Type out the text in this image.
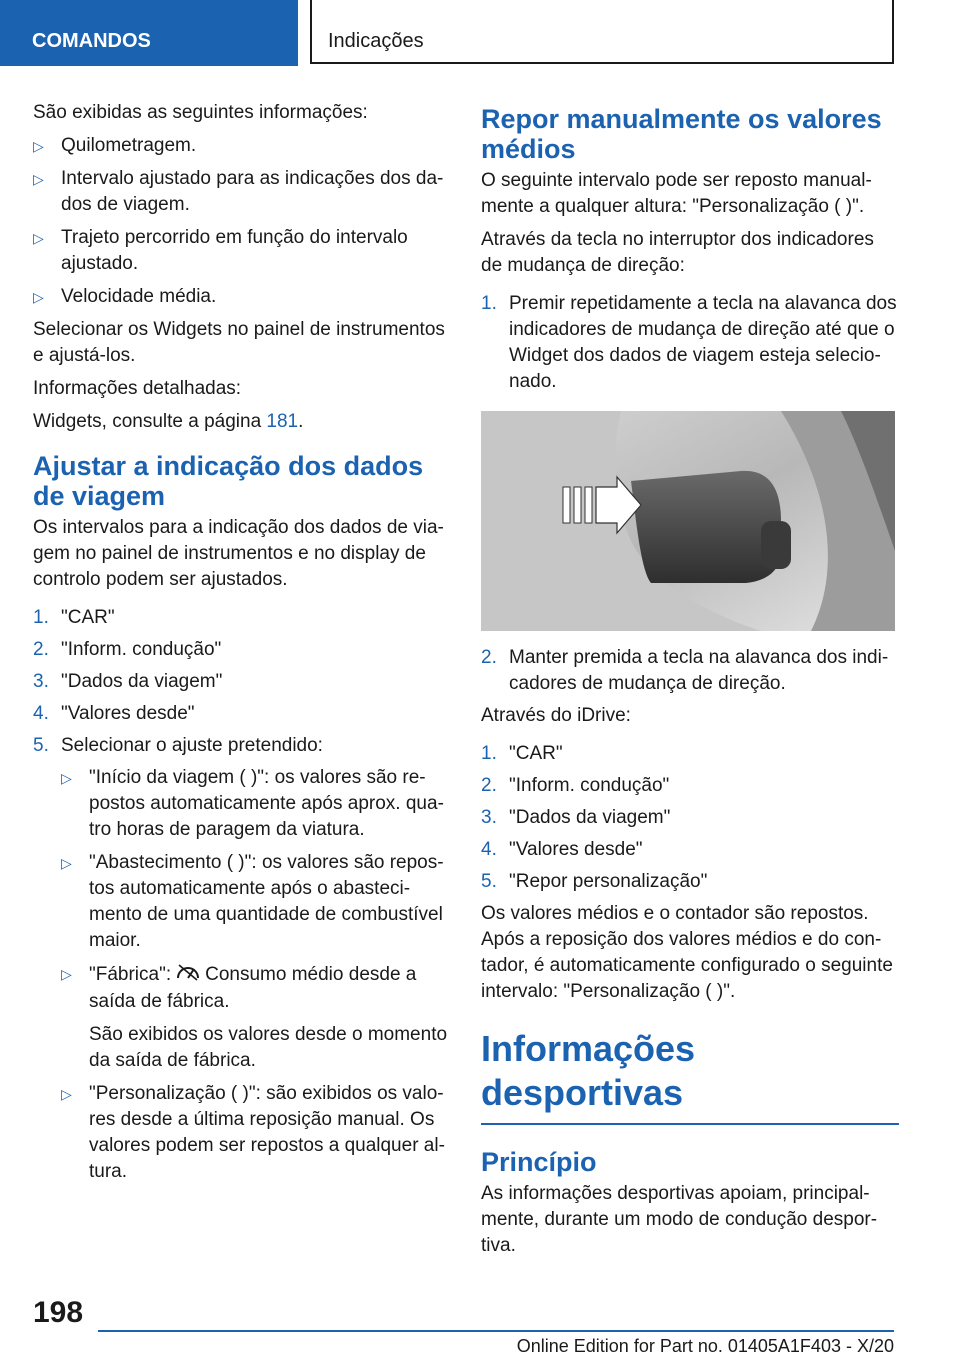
COMANDOS	Indicações

São exibidas as seguintes informações:

▷ Quilometragem.
▷ Intervalo ajustado para as indicações dos dados de viagem.
▷ Trajeto percorrido em função do intervalo ajustado.
▷ Velocidade média.

Selecionar os Widgets no painel de instrumentos e ajustá-los.

Informações detalhadas:

Widgets, consulte a página 181.

Ajustar a indicação dos dados de viagem

Os intervalos para a indicação dos dados de viagem no painel de instrumentos e no display de controlo podem ser ajustados.

1. "CAR"
2. "Inform. condução"
3. "Dados da viagem"
4. "Valores desde"
5. Selecionar o ajuste pretendido:
▷ "Início da viagem ( )": os valores são repostos automaticamente após aprox. quatro horas de paragem da viatura.
▷ "Abastecimento ( )": os valores são repostos automaticamente após o abastecimento de uma quantidade de combustível maior.
▷ "Fábrica": Consumo médio desde a saída de fábrica.
São exibidos os valores desde o momento da saída de fábrica.
▷ "Personalização ( )": são exibidos os valores desde a última reposição manual. Os valores podem ser repostos a qualquer altura.
Repor manualmente os valores médios

O seguinte intervalo pode ser reposto manualmente a qualquer altura: "Personalização ( )".

Através da tecla no interruptor dos indicadores de mudança de direção:

1. Premir repetidamente a tecla na alavanca dos indicadores de mudança de direção até que o Widget dos dados de viagem esteja selecionado.
2. Manter premida a tecla na alavanca dos indicadores de mudança de direção.

Através do iDrive:

1. "CAR"
2. "Inform. condução"
3. "Dados da viagem"
4. "Valores desde"
5. "Repor personalização"

Os valores médios e o contador são repostos. Após a reposição dos valores médios e do contador, é automaticamente configurado o seguinte intervalo: "Personalização ( )".

Informações desportivas
Princípio

As informações desportivas apoiam, principalmente, durante um modo de condução desportiva.

198
Online Edition for Part no. 01405A1F403 - X/20
